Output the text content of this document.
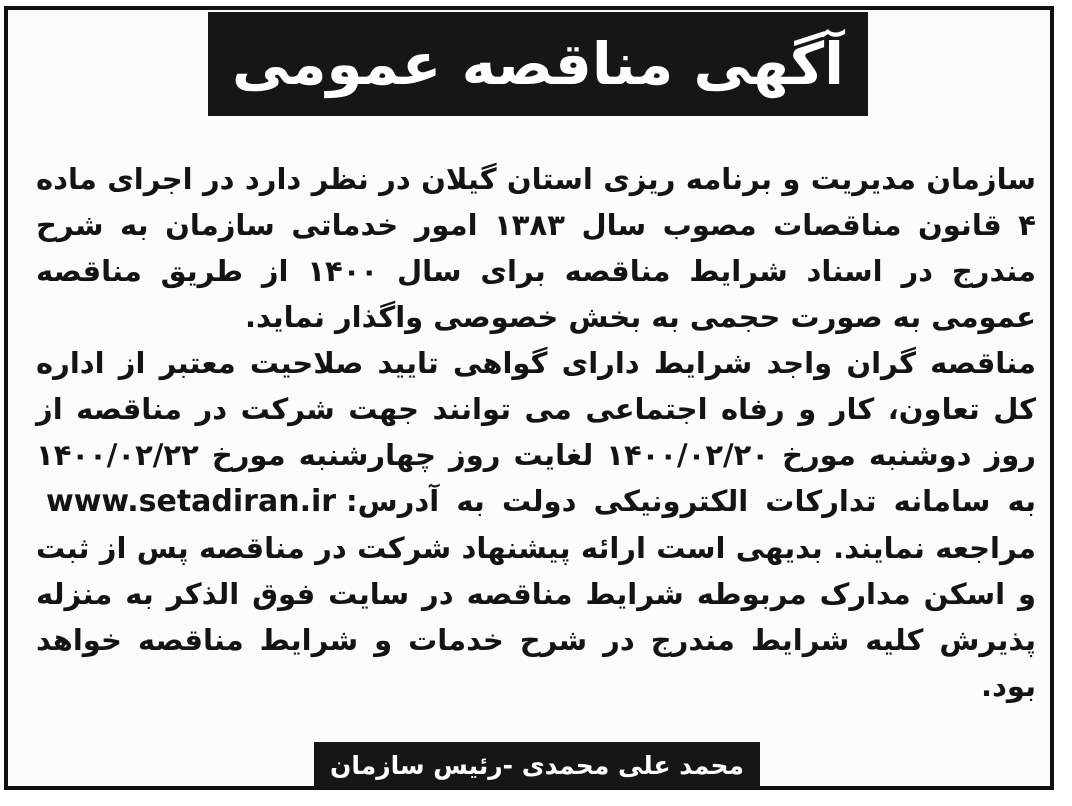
آگهی مناقصه عمومی

سازمان مدیریت و برنامه ریزی استان گیلان در نظر دارد در اجرای ماده ۴ قانون مناقصات مصوب سال ۱۳۸۳ امور خدماتی سازمان به شرح مندرج در اسناد شرایط مناقصه برای سال ۱۴۰۰ از طریق مناقصه عمومی به صورت حجمی به بخش خصوصی واگذار نماید.

مناقصه گران واجد شرایط دارای گواهی تایید صلاحیت معتبر از اداره کل تعاون، کار و رفاه اجتماعی می توانند جهت شرکت در مناقصه از روز دوشنبه مورخ ۱۴۰۰/۰۲/۲۰ لغایت روز چهارشنبه مورخ ۱۴۰۰/۰۲/۲۲ به سامانه تدارکات الکترونیکی دولت به آدرس:www.setadiran.irمراجعه نمایند. بدیهی است ارائه پیشنهاد شرکت در مناقصه پس از ثبت و اسکن مدارک مربوطه شرایط مناقصه در سایت فوق الذکر به منزله پذیرش کلیه شرایط مندرج در شرح خدمات و شرایط مناقصه خواهد بود.

محمد علی محمدی -رئیس سازمان
